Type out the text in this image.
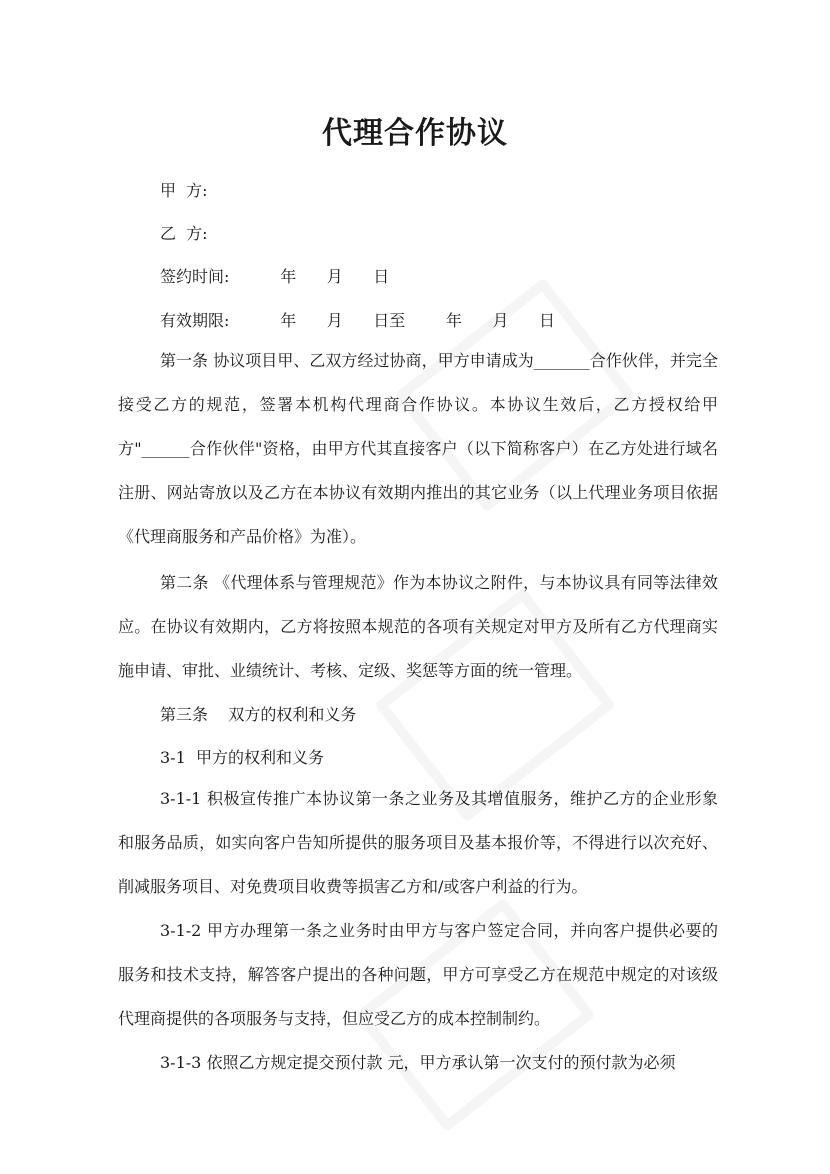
代理合作协议
甲  方:
乙  方:
签约时间:          年      月      日
有效期限:          年      月      日至        年      月      日
第一条 协议项目甲、乙双方经过协商，甲方申请成为_______合作伙伴，并完全接受乙方的规范，签署本机构代理商合作协议。本协议生效后，乙方授权给甲方"______合作伙伴"资格，由甲方代其直接客户（以下简称客户）在乙方处进行域名注册、网站寄放以及乙方在本协议有效期内推出的其它业务（以上代理业务项目依据《代理商服务和产品价格》为准）。
第二条 《代理体系与管理规范》作为本协议之附件，与本协议具有同等法律效应。在协议有效期内，乙方将按照本规范的各项有关规定对甲方及所有乙方代理商实施申请、审批、业绩统计、考核、定级、奖惩等方面的统一管理。
第三条    双方的权利和义务
3-1  甲方的权利和义务
3-1-1 积极宣传推广本协议第一条之业务及其增值服务，维护乙方的企业形象和服务品质，如实向客户告知所提供的服务项目及基本报价等，不得进行以次充好、削减服务项目、对免费项目收费等损害乙方和/或客户利益的行为。
3-1-2 甲方办理第一条之业务时由甲方与客户签定合同，并向客户提供必要的服务和技术支持，解答客户提出的各种问题，甲方可享受乙方在规范中规定的对该级代理商提供的各项服务与支持，但应受乙方的成本控制制约。
3-1-3 依照乙方规定提交预付款 元，甲方承认第一次支付的预付款为必须
